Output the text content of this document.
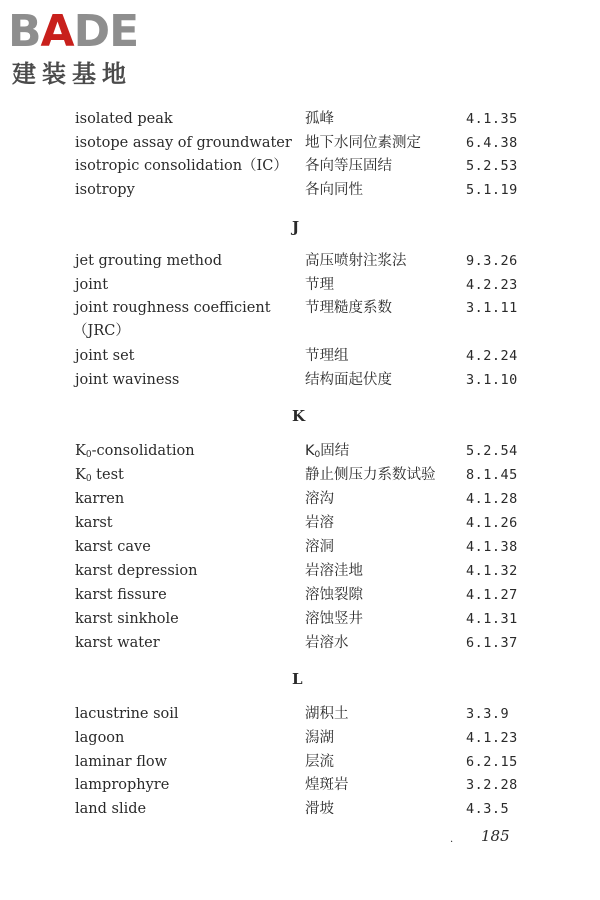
BADE
建装基地
isolated peak	孤峰	4.1.35
isotope assay of groundwater 地下水同位素测定	6.4.38
isotropic consolidation（IC） 各向等压固结	5.2.53
isotropy	各向同性	5.1.19
J
jet grouting method	高压喷射注浆法	9.3.26
joint	节理	4.2.23
joint roughness coefficient 节理糙度系数	3.1.11
（JRC）
joint set	节理组	4.2.24
joint waviness	结构面起伏度	3.1.10
K
$K_0$-consolidation	$K_0$固结	5.2.54
$K_0$ test	静止侧压力系数试验 8.1.45
karren	溶沟	4.1.28
karst	岩溶	4.1.26
karst cave	溶洞	4.1.38
karst depression	岩溶洼地	4.1.32
karst fissure	溶蚀裂隙	4.1.27
karst sinkhole	溶蚀竖井	4.1.31
karst water	岩溶水	6.1.37
L
lacustrine soil	湖积土	3.3.9
lagoon	潟湖	4.1.23
laminar flow	层流	6.2.15
lamprophyre	煌斑岩	3.2.28
land slide	滑坡	4.3.5
. 185
